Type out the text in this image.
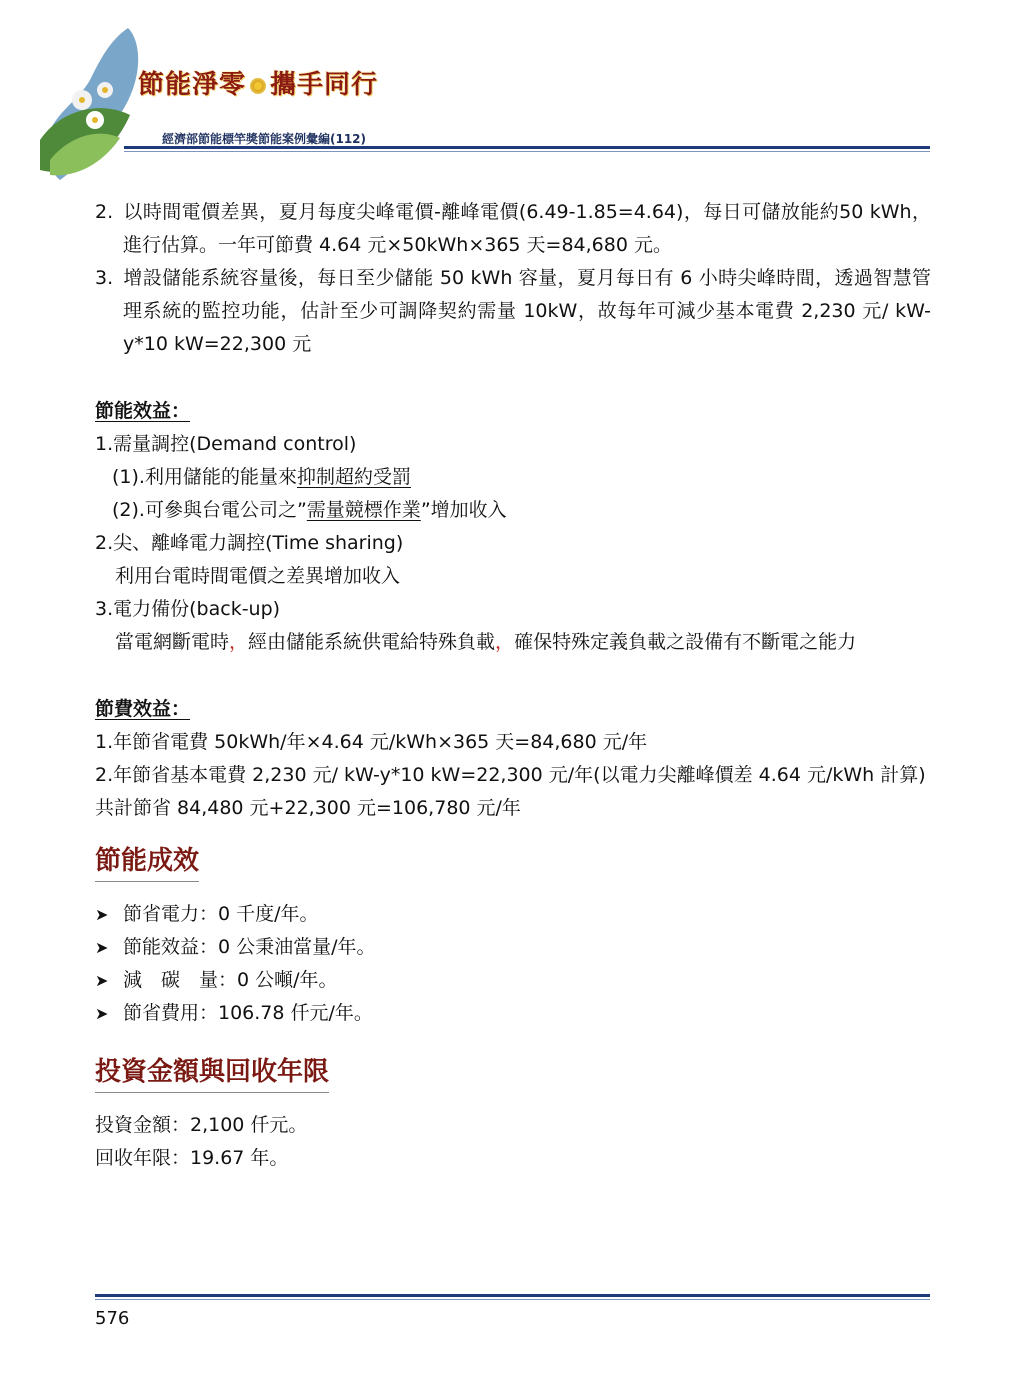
節能淨零 攜手同行
經濟部節能標竿獎節能案例彙編(112)

2. 以時間電價差異，夏月每度尖峰電價-離峰電價(6.49-1.85=4.64)，每日可儲放能約50 kWh，進行估算。一年可節費 4.64 元×50kWh×365 天=84,680 元。

3. 增設儲能系統容量後，每日至少儲能 50 kWh 容量，夏月每日有 6 小時尖峰時間，透過智慧管理系統的監控功能，估計至少可調降契約需量 10kW，故每年可減少基本電費 2,230 元/ kW-y*10 kW=22,300 元

節能效益：

1.需量調控(Demand control)

(1).利用儲能的能量來抑制超約受罰

(2).可參與台電公司之”需量競標作業”增加收入

2.尖、離峰電力調控(Time sharing)

利用台電時間電價之差異增加收入

3.電力備份(back-up)

當電網斷電時，經由儲能系統供電給特殊負載，確保特殊定義負載之設備有不斷電之能力

節費效益：

1.年節省電費 50kWh/年×4.64 元/kWh×365 天=84,680 元/年

2.年節省基本電費 2,230 元/ kW-y*10 kW=22,300 元/年(以電力尖離峰價差 4.64 元/kWh 計算)

共計節省 84,480 元+22,300 元=106,780 元/年

節能成效
➤ 節省電力：0 千度/年。
➤ 節能效益：0 公秉油當量/年。
➤ 減　碳　量：0 公噸/年。
➤ 節省費用：106.78 仟元/年。
投資金額與回收年限

投資金額：2,100 仟元。

回收年限：19.67 年。

576
